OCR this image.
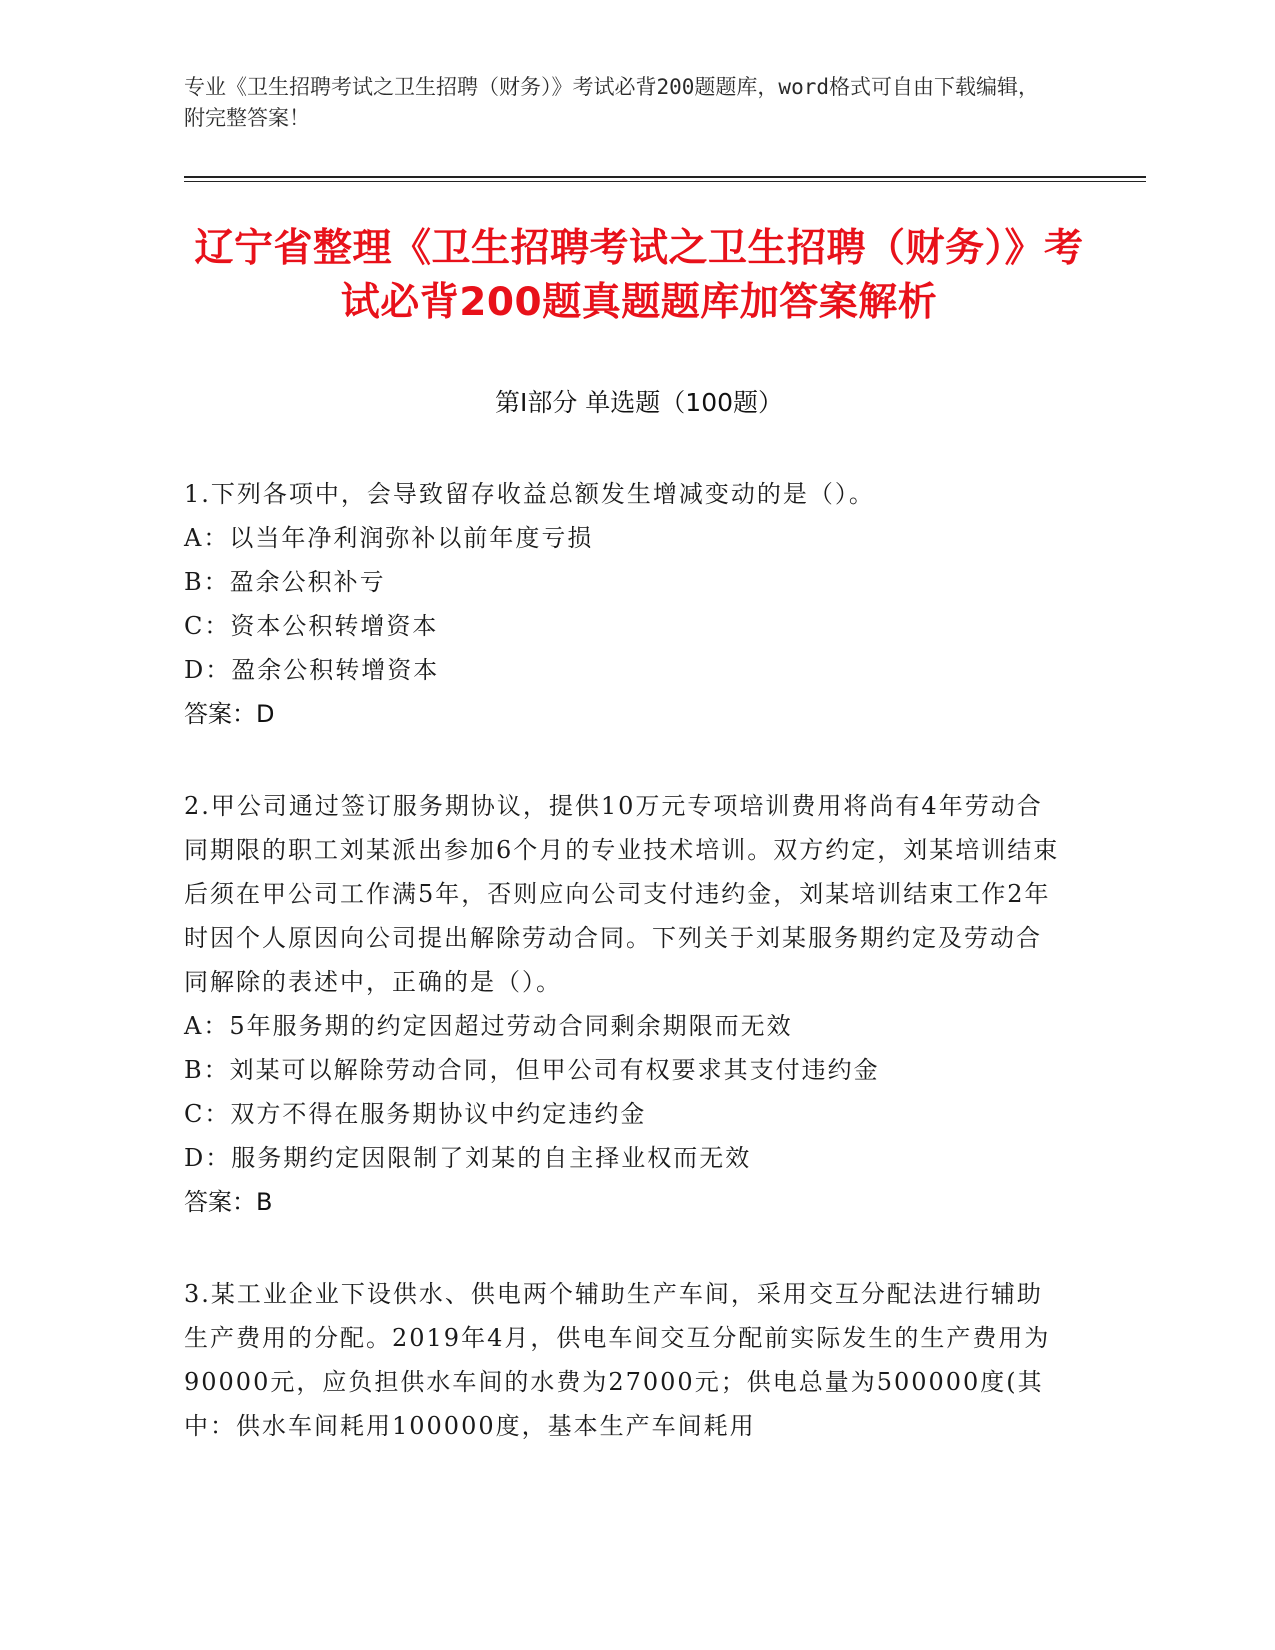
专业《卫生招聘考试之卫生招聘（财务）》考试必背200题题库，word格式可自由下载编辑，附完整答案！
辽宁省整理《卫生招聘考试之卫生招聘（财务）》考试必背200题真题题库加答案解析
第I部分 单选题（100题）
1.下列各项中，会导致留存收益总额发生增减变动的是（）。
A：以当年净利润弥补以前年度亏损
B：盈余公积补亏
C：资本公积转增资本
D：盈余公积转增资本
答案：D
2.甲公司通过签订服务期协议，提供10万元专项培训费用将尚有4年劳动合同期限的职工刘某派出参加6个月的专业技术培训。双方约定，刘某培训结束后须在甲公司工作满5年，否则应向公司支付违约金，刘某培训结束工作2年时因个人原因向公司提出解除劳动合同。下列关于刘某服务期约定及劳动合同解除的表述中，正确的是（）。
A：5年服务期的约定因超过劳动合同剩余期限而无效
B：刘某可以解除劳动合同，但甲公司有权要求其支付违约金
C：双方不得在服务期协议中约定违约金
D：服务期约定因限制了刘某的自主择业权而无效
答案：B
3.某工业企业下设供水、供电两个辅助生产车间，采用交互分配法进行辅助生产费用的分配。2019年4月，供电车间交互分配前实际发生的生产费用为90000元，应负担供水车间的水费为27000元；供电总量为500000度(其中：供水车间耗用100000度，基本生产车间耗用
